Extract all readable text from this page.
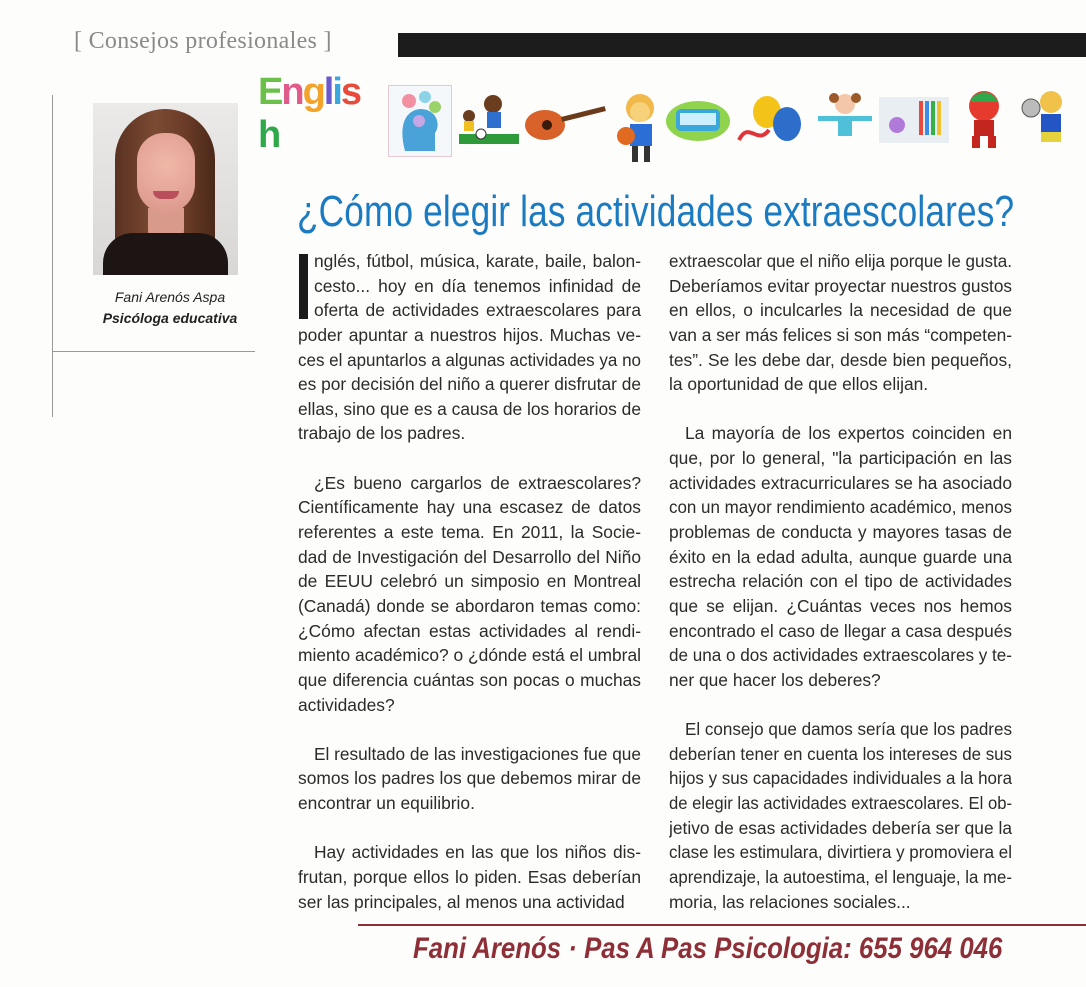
[ Consejos profesionales ]
Fani Arenós Aspa
Psicóloga educativa
English
¿Cómo elegir las actividades extraescolares?
nglés, fútbol, música, karate, baile, balon-
cesto... hoy en día tenemos infinidad de
oferta de actividades extraescolares para
poder apuntar a nuestros hijos. Muchas ve-
ces el apuntarlos a algunas actividades ya no
es por decisión del niño a querer disfrutar de
ellas, sino que es a causa de los horarios de
trabajo de los padres.
¿Es bueno cargarlos de extraescolares?
Científicamente hay una escasez de datos
referentes a este tema. En 2011, la Socie-
dad de Investigación del Desarrollo del Niño
de EEUU celebró un simposio en Montreal
(Canadá) donde se abordaron temas como:
¿Cómo afectan estas actividades al rendi-
miento académico? o ¿dónde está el umbral
que diferencia cuántas son pocas o muchas
actividades?
El resultado de las investigaciones fue que
somos los padres los que debemos mirar de
encontrar un equilibrio.
Hay actividades en las que los niños dis-
frutan, porque ellos lo piden. Esas deberían
ser las principales, al menos una actividad
extraescolar que el niño elija porque le gusta.
Deberíamos evitar proyectar nuestros gustos
en ellos, o inculcarles la necesidad de que
van a ser más felices si son más “competen-
tes”. Se les debe dar, desde bien pequeños,
la oportunidad de que ellos elijan.
La mayoría de los expertos coinciden en
que, por lo general, "la participación en las
actividades extracurriculares se ha asociado
con un mayor rendimiento académico, menos
problemas de conducta y mayores tasas de
éxito en la edad adulta, aunque guarde una
estrecha relación con el tipo de actividades
que se elijan. ¿Cuántas veces nos hemos
encontrado el caso de llegar a casa después
de una o dos actividades extraescolares y te-
ner que hacer los deberes?
El consejo que damos sería que los padres
deberían tener en cuenta los intereses de sus
hijos y sus capacidades individuales a la hora
de elegir las actividades extraescolares. El ob-
jetivo de esas actividades debería ser que la
clase les estimulara, divirtiera y promoviera el
aprendizaje, la autoestima, el lenguaje, la me-
moria, las relaciones sociales...
Fani Arenós · Pas A Pas Psicologia: 655 964 046
